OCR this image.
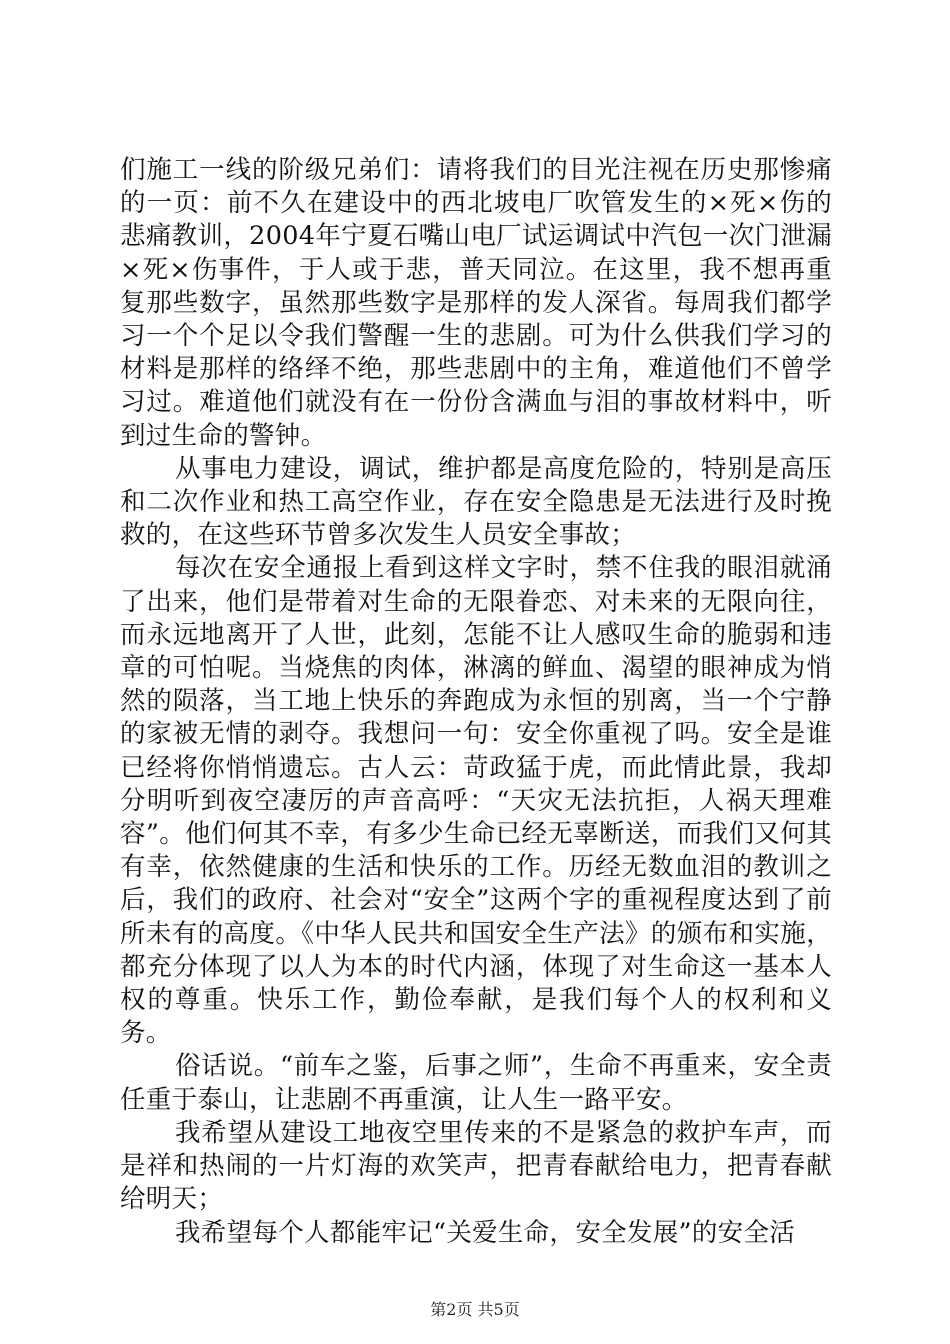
们施工一线的阶级兄弟们：请将我们的目光注视在历史那惨痛的一页：前不久在建设中的西北坡电厂吹管发生的×死×伤的悲痛教训，2004年宁夏石嘴山电厂试运调试中汽包一次门泄漏×死×伤事件，于人或于悲，普天同泣。在这里，我不想再重复那些数字，虽然那些数字是那样的发人深省。每周我们都学习一个个足以令我们警醒一生的悲剧。可为什么供我们学习的材料是那样的络绎不绝，那些悲剧中的主角，难道他们不曾学习过。难道他们就没有在一份份含满血与泪的事故材料中，听到过生命的警钟。

从事电力建设，调试，维护都是高度危险的，特别是高压和二次作业和热工高空作业，存在安全隐患是无法进行及时挽救的，在这些环节曾多次发生人员安全事故；

每次在安全通报上看到这样文字时，禁不住我的眼泪就涌了出来，他们是带着对生命的无限眷恋、对未来的无限向往，而永远地离开了人世，此刻，怎能不让人感叹生命的脆弱和违章的可怕呢。当烧焦的肉体，淋漓的鲜血、渴望的眼神成为悄然的陨落，当工地上快乐的奔跑成为永恒的别离，当一个宁静的家被无情的剥夺。我想问一句：安全你重视了吗。安全是谁已经将你悄悄遗忘。古人云：苛政猛于虎，而此情此景，我却分明听到夜空凄厉的声音高呼：“天灾无法抗拒，人祸天理难容”。他们何其不幸，有多少生命已经无辜断送，而我们又何其有幸，依然健康的生活和快乐的工作。历经无数血泪的教训之后，我们的政府、社会对“安全”这两个字的重视程度达到了前所未有的高度。《中华人民共和国安全生产法》的颁布和实施，都充分体现了以人为本的时代内涵，体现了对生命这一基本人权的尊重。快乐工作，勤俭奉献，是我们每个人的权利和义务。

俗话说。“前车之鉴，后事之师”，生命不再重来，安全责任重于泰山，让悲剧不再重演，让人生一路平安。

我希望从建设工地夜空里传来的不是紧急的救护车声，而是祥和热闹的一片灯海的欢笑声，把青春献给电力，把青春献给明天；

我希望每个人都能牢记“关爱生命，安全发展”的安全活

第2页 共5页
